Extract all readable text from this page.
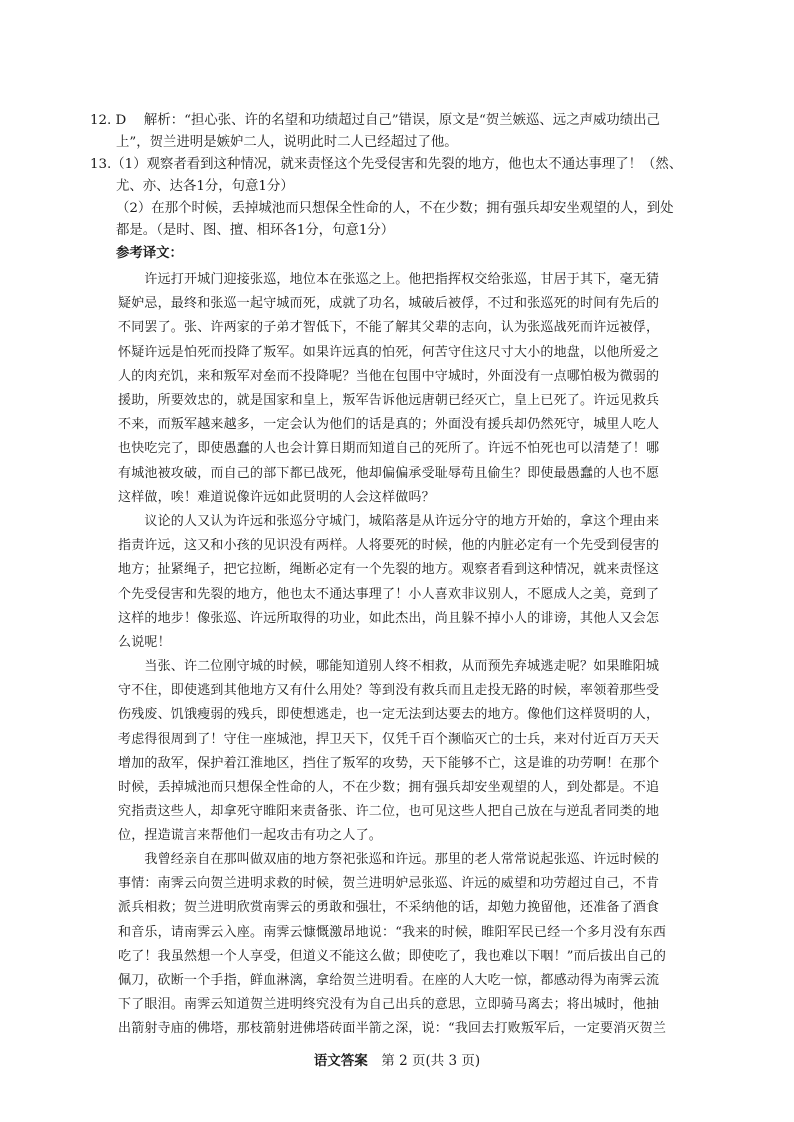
12. D　 解析：“担心张、许的名望和功绩超过自己”错误，原文是“贺兰嫉巡、远之声威功绩出己
上”，贺兰进明是嫉妒二人，说明此时二人已经超过了他。
13.（1）观察者看到这种情况，就来责怪这个先受侵害和先裂的地方，他也太不通达事理了！（然、
尤、亦、达各1分，句意1分）
（2）在那个时候，丢掉城池而只想保全性命的人，不在少数；拥有强兵却安坐观望的人，到处
都是。（是时、图、擅、相环各1分，句意1分）
参考译文：
　　许远打开城门迎接张巡，地位本在张巡之上。他把指挥权交给张巡，甘居于其下，毫无猜
疑妒忌，最终和张巡一起守城而死，成就了功名，城破后被俘，不过和张巡死的时间有先后的
不同罢了。张、许两家的子弟才智低下，不能了解其父辈的志向，认为张巡战死而许远被俘，
怀疑许远是怕死而投降了叛军。如果许远真的怕死，何苦守住这尺寸大小的地盘，以他所爱之
人的肉充饥，来和叛军对垒而不投降呢？当他在包围中守城时，外面没有一点哪怕极为微弱的
援助，所要效忠的，就是国家和皇上，叛军告诉他远唐朝已经灭亡，皇上已死了。许远见救兵
不来，而叛军越来越多，一定会认为他们的话是真的；外面没有援兵却仍然死守，城里人吃人
也快吃完了，即使愚蠢的人也会计算日期而知道自己的死所了。许远不怕死也可以清楚了！哪
有城池被攻破，而自己的部下都已战死，他却偏偏承受耻辱苟且偷生？即使最愚蠢的人也不愿
这样做，唉！难道说像许远如此贤明的人会这样做吗？
　　议论的人又认为许远和张巡分守城门，城陷落是从许远分守的地方开始的，拿这个理由来
指责许远，这又和小孩的见识没有两样。人将要死的时候，他的内脏必定有一个先受到侵害的
地方；扯紧绳子，把它拉断，绳断必定有一个先裂的地方。观察者看到这种情况，就来责怪这
个先受侵害和先裂的地方，他也太不通达事理了！小人喜欢非议别人，不愿成人之美，竟到了
这样的地步！像张巡、许远所取得的功业，如此杰出，尚且躲不掉小人的诽谤，其他人又会怎
么说呢！
　　当张、许二位刚守城的时候，哪能知道别人终不相救，从而预先弃城逃走呢？如果睢阳城
守不住，即使逃到其他地方又有什么用处？等到没有救兵而且走投无路的时候，率领着那些受
伤残废、饥饿瘦弱的残兵，即使想逃走，也一定无法到达要去的地方。像他们这样贤明的人，
考虑得很周到了！守住一座城池，捍卫天下，仅凭千百个濒临灭亡的士兵，来对付近百万天天
增加的敌军，保护着江淮地区，挡住了叛军的攻势，天下能够不亡，这是谁的功劳啊！在那个
时候，丢掉城池而只想保全性命的人，不在少数；拥有强兵却安坐观望的人，到处都是。不追
究指责这些人，却拿死守睢阳来责备张、许二位，也可见这些人把自己放在与逆乱者同类的地
位，捏造谎言来帮他们一起攻击有功之人了。
　　我曾经亲自在那叫做双庙的地方祭祀张巡和许远。那里的老人常常说起张巡、许远时候的
事情：南霁云向贺兰进明求救的时候，贺兰进明妒忌张巡、许远的威望和功劳超过自己，不肯
派兵相救；贺兰进明欣赏南霁云的勇敢和强壮，不采纳他的话，却勉力挽留他，还准备了酒食
和音乐，请南霁云入座。南霁云慷慨激昂地说：“我来的时候，睢阳军民已经一个多月没有东西
吃了！我虽然想一个人享受，但道义不能这么做；即使吃了，我也难以下咽！”而后拔出自己的
佩刀，砍断一个手指，鲜血淋漓，拿给贺兰进明看。在座的人大吃一惊，都感动得为南霁云流
下了眼泪。南霁云知道贺兰进明终究没有为自己出兵的意思，立即骑马离去；将出城时，他抽
出箭射寺庙的佛塔，那枝箭射进佛塔砖面半箭之深，说：“我回去打败叛军后，一定要消灭贺兰
语文答案　第 2 页(共 3 页)
